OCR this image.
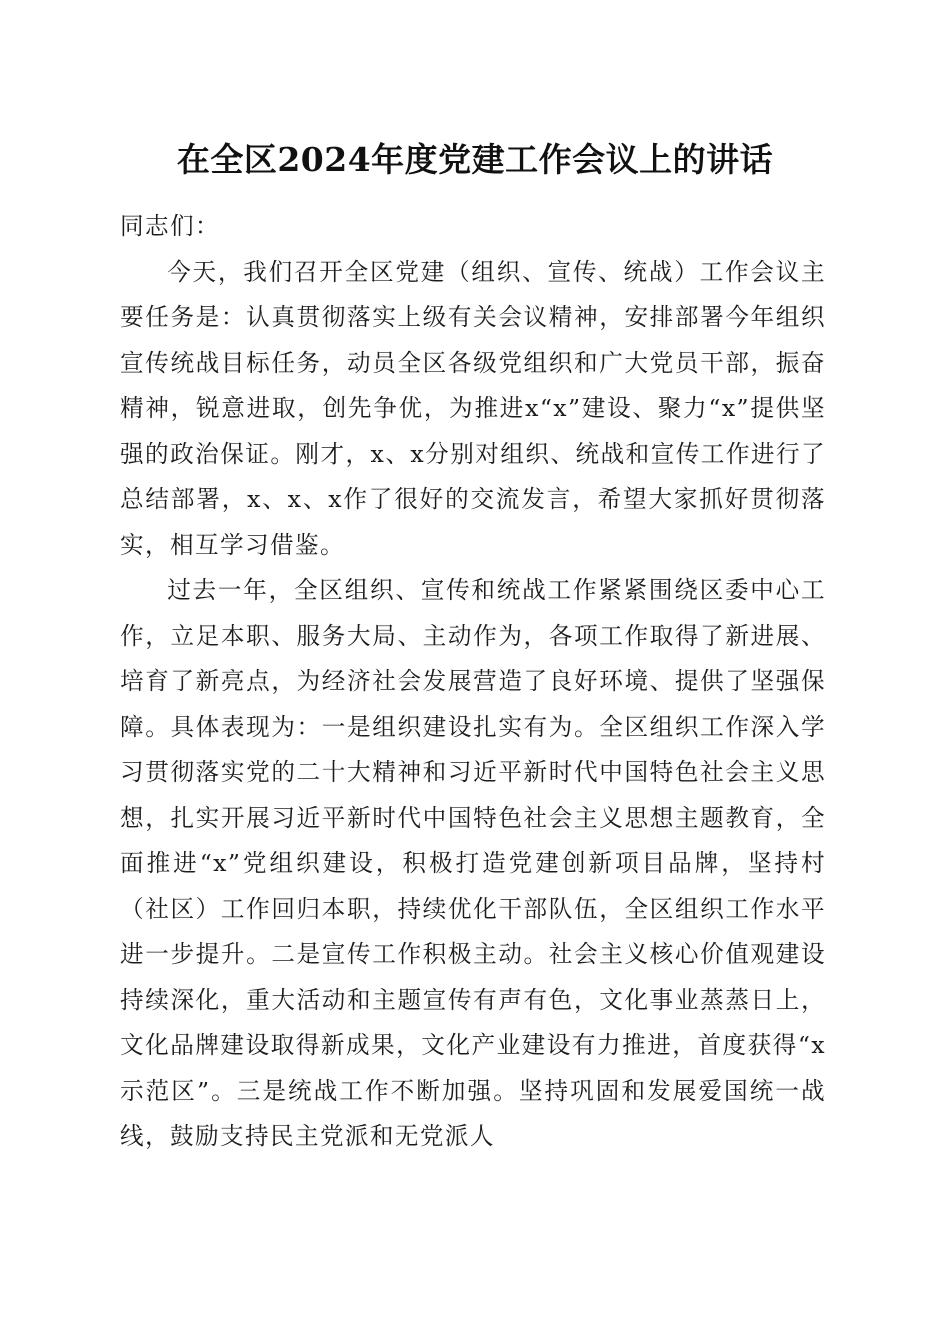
在全区2024年度党建工作会议上的讲话

同志们：

今天，我们召开全区党建（组织、宣传、统战）工作会议主要任务是：认真贯彻落实上级有关会议精神，安排部署今年组织宣传统战目标任务，动员全区各级党组织和广大党员干部，振奋精神，锐意进取，创先争优，为推进x“x”建设、聚力“x”提供坚强的政治保证。刚才，x、x分别对组织、统战和宣传工作进行了总结部署，x、x、x作了很好的交流发言，希望大家抓好贯彻落实，相互学习借鉴。

过去一年，全区组织、宣传和统战工作紧紧围绕区委中心工作，立足本职、服务大局、主动作为，各项工作取得了新进展、培育了新亮点，为经济社会发展营造了良好环境、提供了坚强保障。具体表现为：一是组织建设扎实有为。全区组织工作深入学习贯彻落实党的二十大精神和习近平新时代中国特色社会主义思想，扎实开展习近平新时代中国特色社会主义思想主题教育，全面推进“x”党组织建设，积极打造党建创新项目品牌，坚持村（社区）工作回归本职，持续优化干部队伍，全区组织工作水平进一步提升。二是宣传工作积极主动。社会主义核心价值观建设持续深化，重大活动和主题宣传有声有色，文化事业蒸蒸日上，文化品牌建设取得新成果，文化产业建设有力推进，首度获得“x示范区”。三是统战工作不断加强。坚持巩固和发展爱国统一战线，鼓励支持民主党派和无党派人
